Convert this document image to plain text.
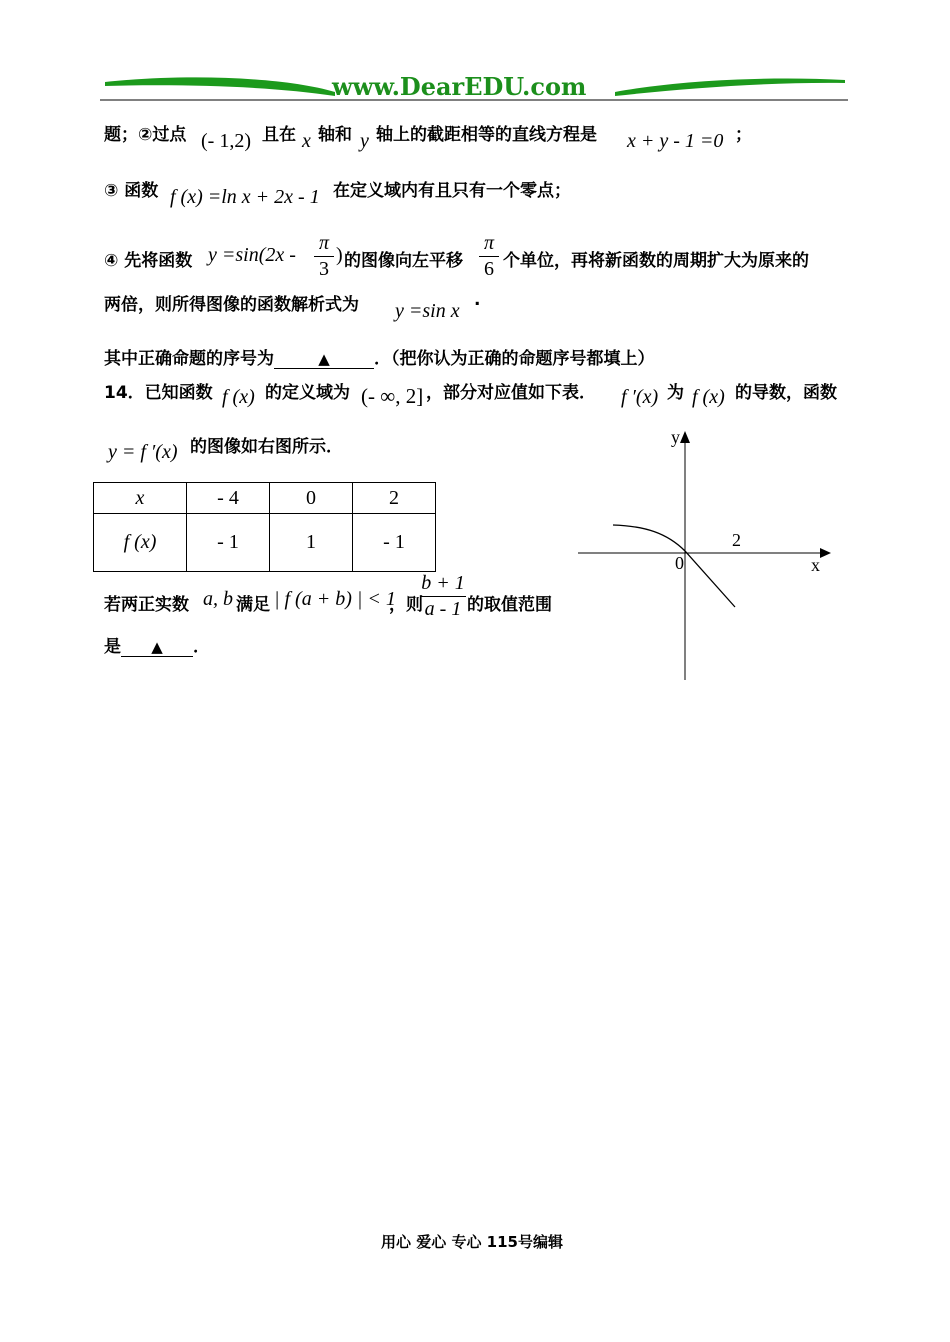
www.DearEDU.com
题；②过点 (- 1,2) 且在 x 轴和 y 轴上的截距相等的直线方程是 x + y - 1 =0 ；
③ 函数 f (x) =ln x + 2x - 1 在定义域内有且只有一个零点；
④ 先将函数 y =sin(2x -
π
3
) 的图像向左平移
π
6 个单位，再将新函数的周期扩大为原来的
两倍，则所得图像的函数解析式为 y =sin x .
其中正确命题的序号为	▲	．（把你认为正确的命题序号都填上）
14．已知函数 f (x) 的定义域为 (- ∞, 2] ，部分对应值如下表． f ′(x) 为 f (x) 的导数，函数
y = f ′(x) 的图像如右图所示．
x	- 4	0	2
f (x)	- 1	1	- 1
若两正实数 a, b 满足 | f (a + b) | < 1
，则
b + 1
a - 1 的取值范围
是 ▲ ．
y
x
0
2
用心 爱心 专心 115号编辑
